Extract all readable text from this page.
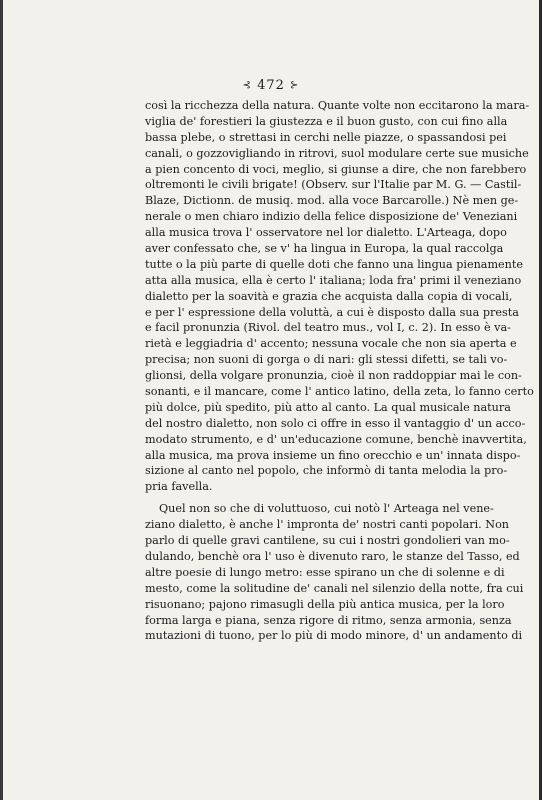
⊰ 472 ⊱
così la ricchezza della natura. Quante volte non eccitarono la mara-
viglia de' forestieri la giustezza e il buon gusto, con cui fino alla
bassa plebe, o strettasi in cerchi nelle piazze, o spassandosi pei
canali, o gozzovigliando in ritrovi, suol modulare certe sue musiche
a pien concento di voci, meglio, si giunse a dire, che non farebbero
oltremonti le civili brigate! (Observ. sur l'Italie par M. G. — Castil-
Blaze, Dictionn. de musiq. mod. alla voce Barcarolle.) Nè men ge-
nerale o men chiaro indizio della felice disposizione de' Veneziani
alla musica trova l' osservatore nel lor dialetto. L'Arteaga, dopo
aver confessato che, se v' ha lingua in Europa, la qual raccolga
tutte o la più parte di quelle doti che fanno una lingua pienamente
atta alla musica, ella è certo l' italiana; loda fra' primi il veneziano
dialetto per la soavità e grazia che acquista dalla copia di vocali,
e per l' espressione della voluttà, a cui è disposto dalla sua presta
e facil pronunzia (Rivol. del teatro mus., vol I, c. 2). In esso è va-
rietà e leggiadria d' accento; nessuna vocale che non sia aperta e
precisa; non suoni di gorga o di nari: gli stessi difetti, se tali vo-
glionsi, della volgare pronunzia, cioè il non raddoppiar mai le con-
sonanti, e il mancare, come l' antico latino, della zeta, lo fanno certo
più dolce, più spedito, più atto al canto. La qual musicale natura
del nostro dialetto, non solo ci offre in esso il vantaggio d' un acco-
modato strumento, e d' un'educazione comune, benchè inavvertita,
alla musica, ma prova insieme un fino orecchio e un' innata dispo-
sizione al canto nel popolo, che informò di tanta melodia la pro-
pria favella.
Quel non so che di voluttuoso, cui notò l' Arteaga nel vene-
ziano dialetto, è anche l' impronta de' nostri canti popolari. Non
parlo di quelle gravi cantilene, su cui i nostri gondolieri van mo-
dulando, benchè ora l' uso è divenuto raro, le stanze del Tasso, ed
altre poesie di lungo metro: esse spirano un che di solenne e di
mesto, come la solitudine de' canali nel silenzio della notte, fra cui
risuonano; pajono rimasugli della più antica musica, per la loro
forma larga e piana, senza rigore di ritmo, senza armonia, senza
mutazioni di tuono, per lo più di modo minore, d' un andamento di
